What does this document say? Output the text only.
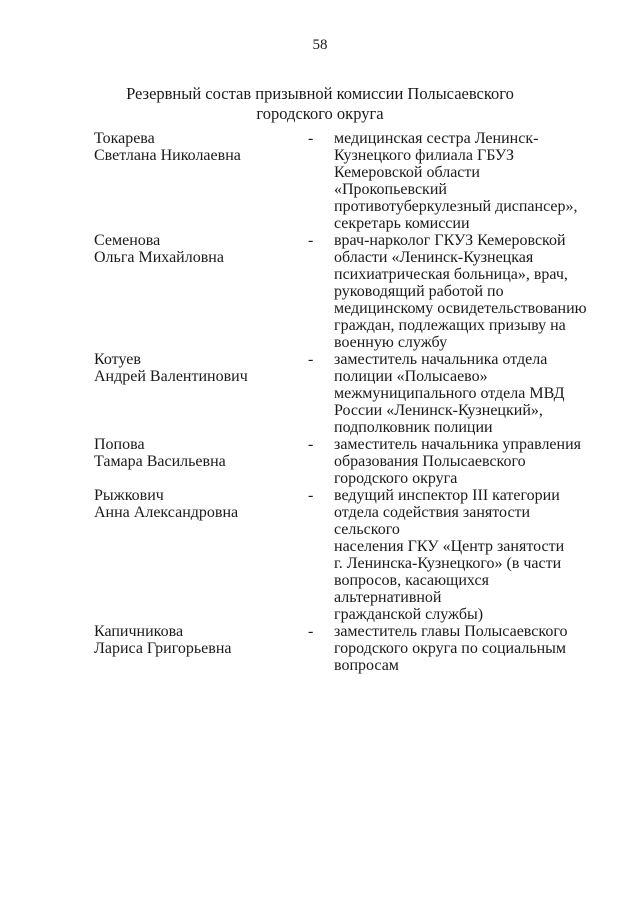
58
Резервный состав призывной комиссии Полысаевского
городского округа
Токарева
Светлана Николаевна
-	медицинская сестра Ленинск-
Кузнецкого филиала ГБУЗ
Кемеровской области «Прокопьевский
противотуберкулезный диспансер»,
секретарь комиссии
Семенова
Ольга Михайловна
-	врач-нарколог ГКУЗ Кемеровской
области «Ленинск-Кузнецкая
психиатрическая больница», врач,
руководящий работой по
медицинскому освидетельствованию
граждан, подлежащих призыву на
военную службу
Котуев
Андрей Валентинович
-	заместитель начальника отдела
полиции «Полысаево»
межмуниципального отдела МВД
России «Ленинск-Кузнецкий»,
подполковник полиции
Попова
Тамара Васильевна
-	заместитель начальника управления
образования Полысаевского
городского округа
Рыжкович
Анна Александровна
-	ведущий инспектор III категории
отдела содействия занятости сельского
населения ГКУ «Центр занятости
г. Ленинска-Кузнецкого» (в части
вопросов, касающихся альтернативной
гражданской службы)
Капичникова
Лариса Григорьевна
-	заместитель главы Полысаевского
городского округа по социальным
вопросам
